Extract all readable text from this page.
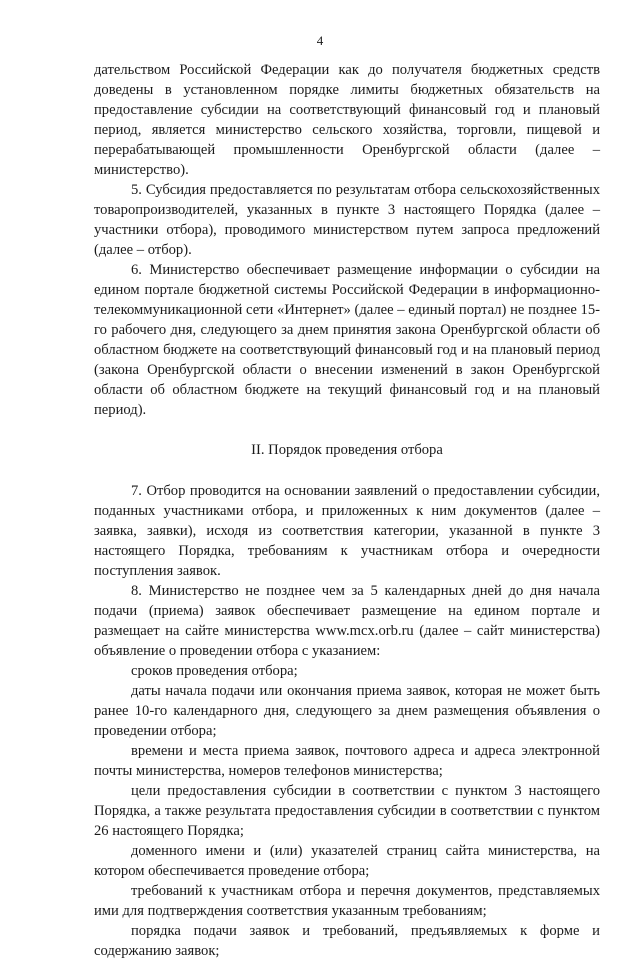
4

дательством Российской Федерации как до получателя бюджетных средств доведены в установленном порядке лимиты бюджетных обязательств на предоставление субсидии на соответствующий финансовый год и плановый период, является министерство сельского хозяйства, торговли, пищевой и перерабатывающей промышленности Оренбургской области (далее – министерство).

5. Субсидия предоставляется по результатам отбора сельскохозяйственных товаропроизводителей, указанных в пункте 3 настоящего Порядка (далее – участники отбора), проводимого министерством путем запроса предложений (далее – отбор).

6. Министерство обеспечивает размещение информации о субсидии на едином портале бюджетной системы Российской Федерации в информационно-телекоммуникационной сети «Интернет» (далее – единый портал) не позднее 15-го рабочего дня, следующего за днем принятия закона Оренбургской области об областном бюджете на соответствующий финансовый год и на плановый период (закона Оренбургской области о внесении изменений в закон Оренбургской области об областном бюджете на текущий финансовый год и на плановый период).

II. Порядок проведения отбора

7. Отбор проводится на основании заявлений о предоставлении субсидии, поданных участниками отбора, и приложенных к ним документов (далее – заявка, заявки), исходя из соответствия категории, указанной в пункте 3 настоящего Порядка, требованиям к участникам отбора и очередности поступления заявок.

8. Министерство не позднее чем за 5 календарных дней до дня начала подачи (приема) заявок обеспечивает размещение на едином портале и размещает на сайте министерства www.mcx.orb.ru (далее – сайт министерства) объявление о проведении отбора с указанием:

сроков проведения отбора;

даты начала подачи или окончания приема заявок, которая не может быть ранее 10-го календарного дня, следующего за днем размещения объявления о проведении отбора;

времени и места приема заявок, почтового адреса и адреса электронной почты министерства, номеров телефонов министерства;

цели предоставления субсидии в соответствии с пунктом 3 настоящего Порядка, а также результата предоставления субсидии в соответствии с пунктом 26 настоящего Порядка;

доменного имени и (или) указателей страниц сайта министерства, на котором обеспечивается проведение отбора;

требований к участникам отбора и перечня документов, представляемых ими для подтверждения соответствия указанным требованиям;

порядка подачи заявок и требований, предъявляемых к форме и содержанию заявок;
